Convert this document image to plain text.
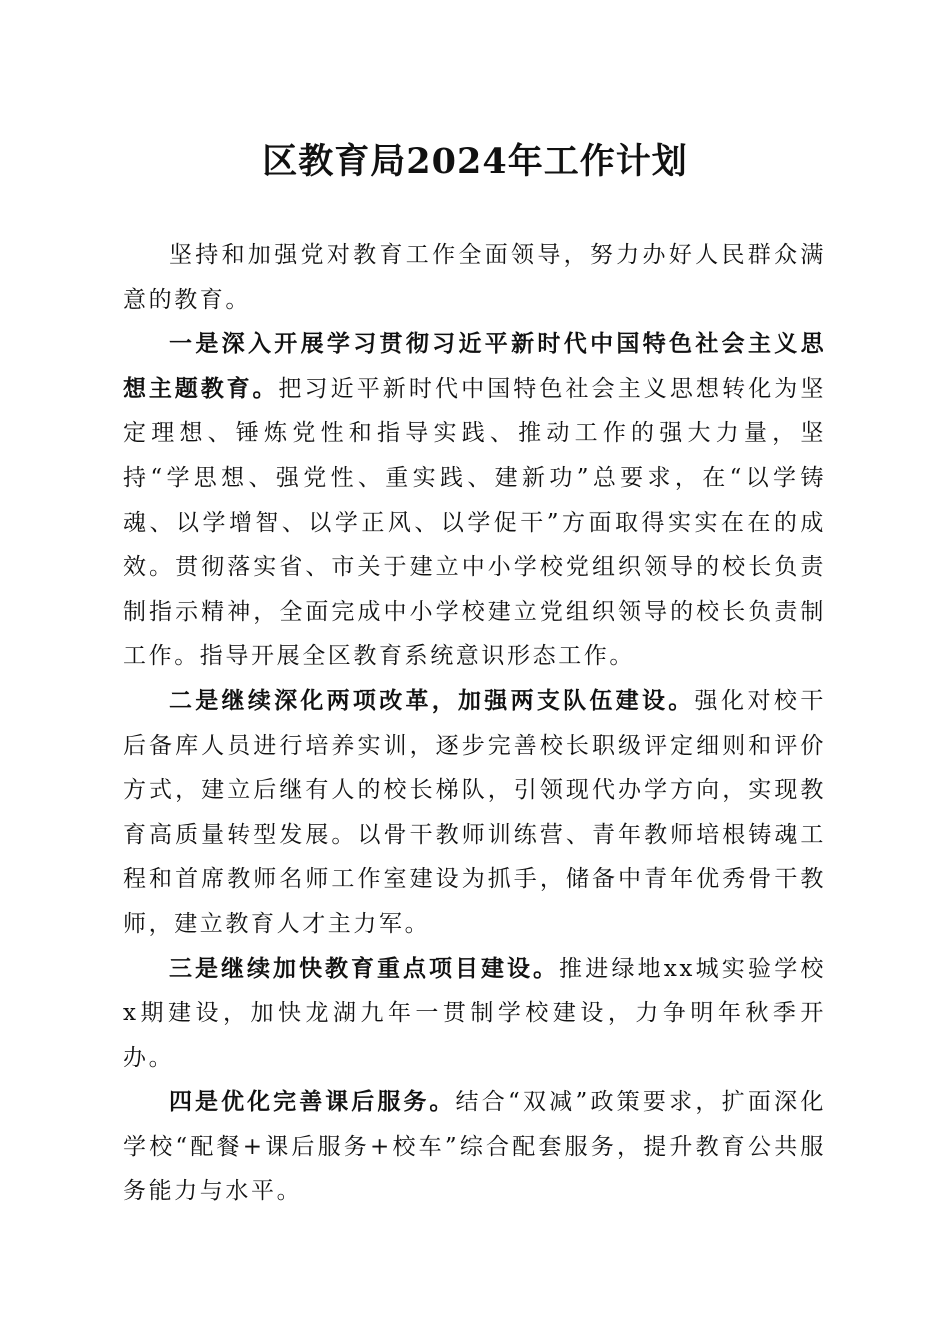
区教育局2024年工作计划

坚持和加强党对教育工作全面领导，努力办好人民群众满意的教育。

一是深入开展学习贯彻习近平新时代中国特色社会主义思想主题教育。把习近平新时代中国特色社会主义思想转化为坚定理想、锤炼党性和指导实践、推动工作的强大力量，坚持“学思想、强党性、重实践、建新功”总要求，在“以学铸魂、以学增智、以学正风、以学促干”方面取得实实在在的成效。贯彻落实省、市关于建立中小学校党组织领导的校长负责制指示精神，全面完成中小学校建立党组织领导的校长负责制工作。指导开展全区教育系统意识形态工作。

二是继续深化两项改革，加强两支队伍建设。强化对校干后备库人员进行培养实训，逐步完善校长职级评定细则和评价方式，建立后继有人的校长梯队，引领现代办学方向，实现教育高质量转型发展。以骨干教师训练营、青年教师培根铸魂工程和首席教师名师工作室建设为抓手，储备中青年优秀骨干教师，建立教育人才主力军。

三是继续加快教育重点项目建设。推进绿地xx城实验学校x期建设，加快龙湖九年一贯制学校建设，力争明年秋季开办。

四是优化完善课后服务。结合“双减”政策要求，扩面深化学校“配餐+课后服务+校车”综合配套服务，提升教育公共服务能力与水平。
